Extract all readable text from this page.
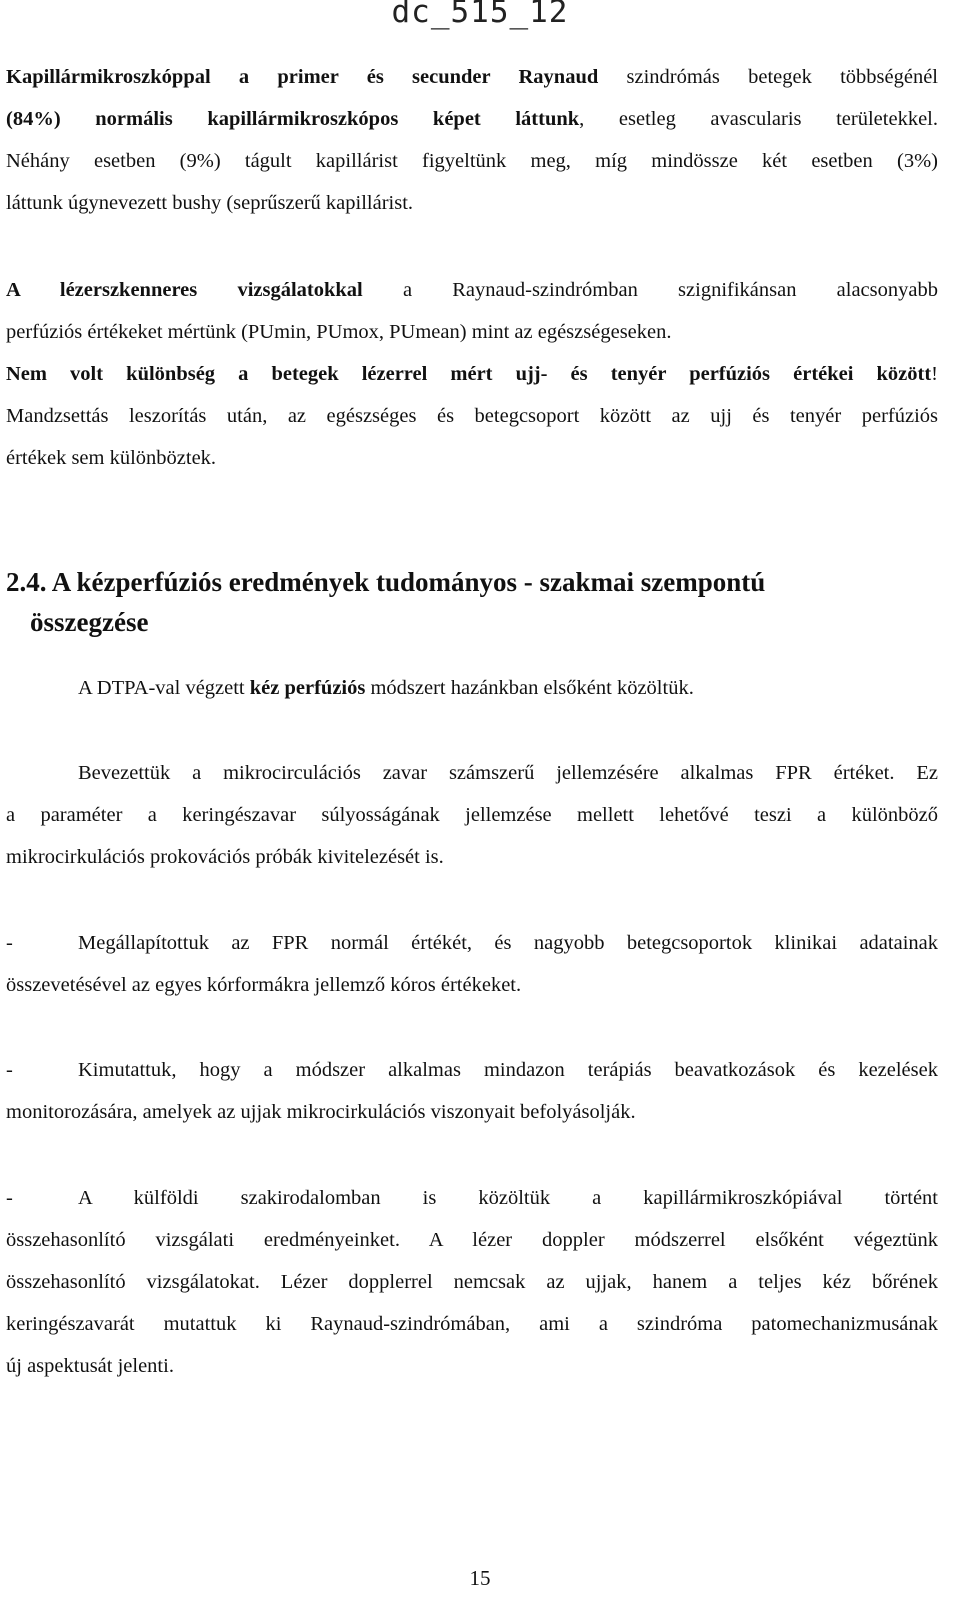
dc_515_12
Kapillármikroszkóppal a primer és secunder Raynaud szindrómás betegek többségénél
(84%) normális kapillármikroszkópos képet láttunk, esetleg avascularis területekkel.
Néhány esetben (9%) tágult kapillárist figyeltünk meg, míg mindössze két esetben (3%)
láttunk úgynevezett bushy (seprűszerű kapillárist.
A lézerszkenneres vizsgálatokkal a Raynaud-szindrómban szignifikánsan alacsonyabb
perfúziós értékeket mértünk (PUmin, PUmox, PUmean) mint az egészségeseken.
Nem volt különbség a betegek lézerrel mért ujj- és tenyér perfúziós értékei között!
Mandzsettás leszorítás után, az egészséges és betegcsoport között az ujj és tenyér perfúziós
értékek sem különböztek.
2.4. A kézperfúziós eredmények tudományos - szakmai szempontú
összegzése
A DTPA-val végzett kéz perfúziós módszert hazánkban elsőként közöltük.
Bevezettük a mikrocirculációs zavar számszerű jellemzésére alkalmas FPR értéket. Ez
a paraméter a keringészavar súlyosságának jellemzése mellett lehetővé teszi a különböző
mikrocirkulációs prokovációs próbák kivitelezését is.
-	Megállapítottuk az FPR normál értékét, és nagyobb betegcsoportok klinikai adatainak
összevetésével az egyes kórformákra jellemző kóros értékeket.
-	Kimutattuk, hogy a módszer alkalmas mindazon terápiás beavatkozások és kezelések
monitorozására, amelyek az ujjak mikrocirkulációs viszonyait befolyásolják.
-	A külföldi szakirodalomban is közöltük a kapillármikroszkópiával történt
összehasonlító vizsgálati eredményeinket. A lézer doppler módszerrel elsőként végeztünk
összehasonlító vizsgálatokat. Lézer dopplerrel nemcsak az ujjak, hanem a teljes kéz bőrének
keringészavarát mutattuk ki Raynaud-szindrómában, ami a szindróma patomechanizmusának
új aspektusát jelenti.
15
